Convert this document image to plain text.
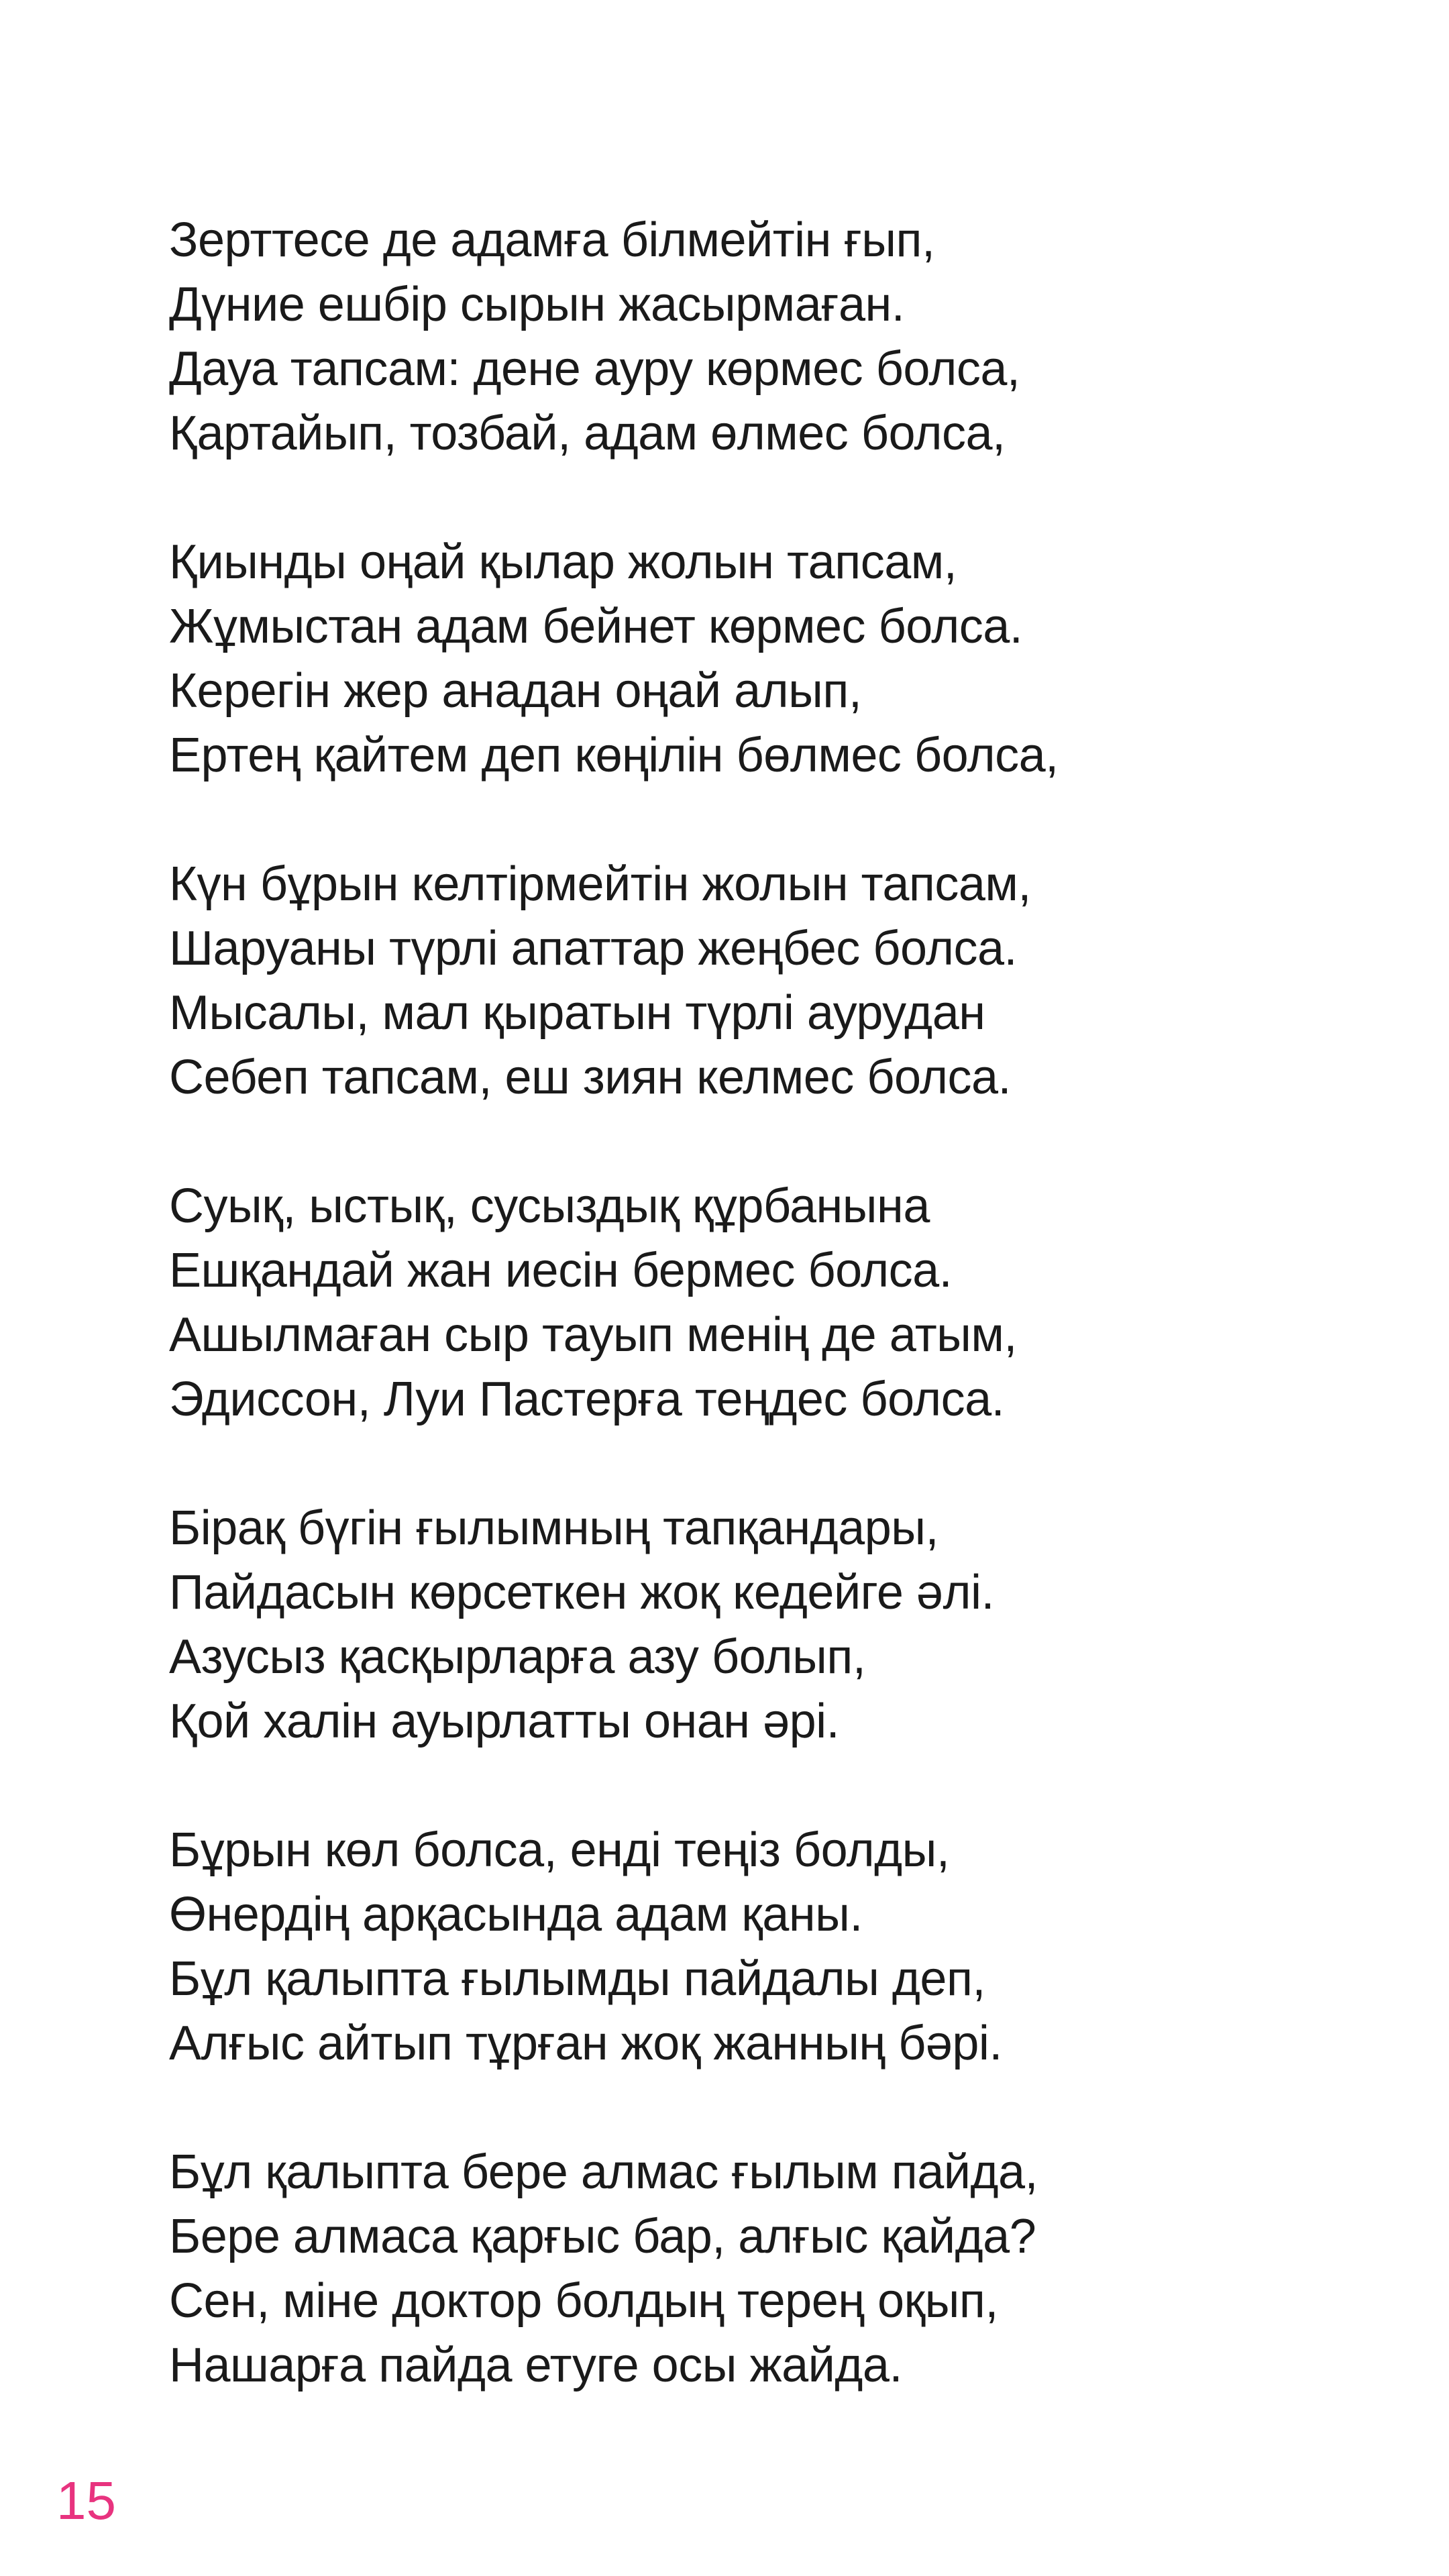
Зерттесе де адамға білмейтін ғып,
Дүние ешбір сырын жасырмаған.
Дауа тапсам: дене ауру көрмес болса,
Қартайып, тозбай, адам өлмес болса,
Қиынды оңай қылар жолын тапсам,
Жұмыстан адам бейнет көрмес болса.
Керегін жер анадан оңай алып,
Ертең қайтем деп көңілін бөлмес болса,
Күн бұрын келтірмейтін жолын тапсам,
Шаруаны түрлі апаттар жеңбес болса.
Мысалы, мал қыратын түрлі аурудан
Себеп тапсам, еш зиян келмес болса.
Суық, ыстық, сусыздық құрбанына
Ешқандай жан иесін бермес болса.
Ашылмаған сыр тауып менің де атым,
Эдиссон, Луи Пастерға теңдес болса.
Бірақ бүгін ғылымның тапқандары,
Пайдасын көрсеткен жоқ кедейге әлі.
Азусыз қасқырларға азу болып,
Қой халін ауырлатты онан әрі.
Бұрын көл болса, енді теңіз болды,
Өнердің арқасында адам қаны.
Бұл қалыпта ғылымды пайдалы деп,
Алғыс айтып тұрған жоқ жанның бәрі.
Бұл қалыпта бере алмас ғылым пайда,
Бере алмаса қарғыс бар, алғыс қайда?
Сен, міне доктор болдың терең оқып,
Нашарға пайда етуге осы жайда.
15
